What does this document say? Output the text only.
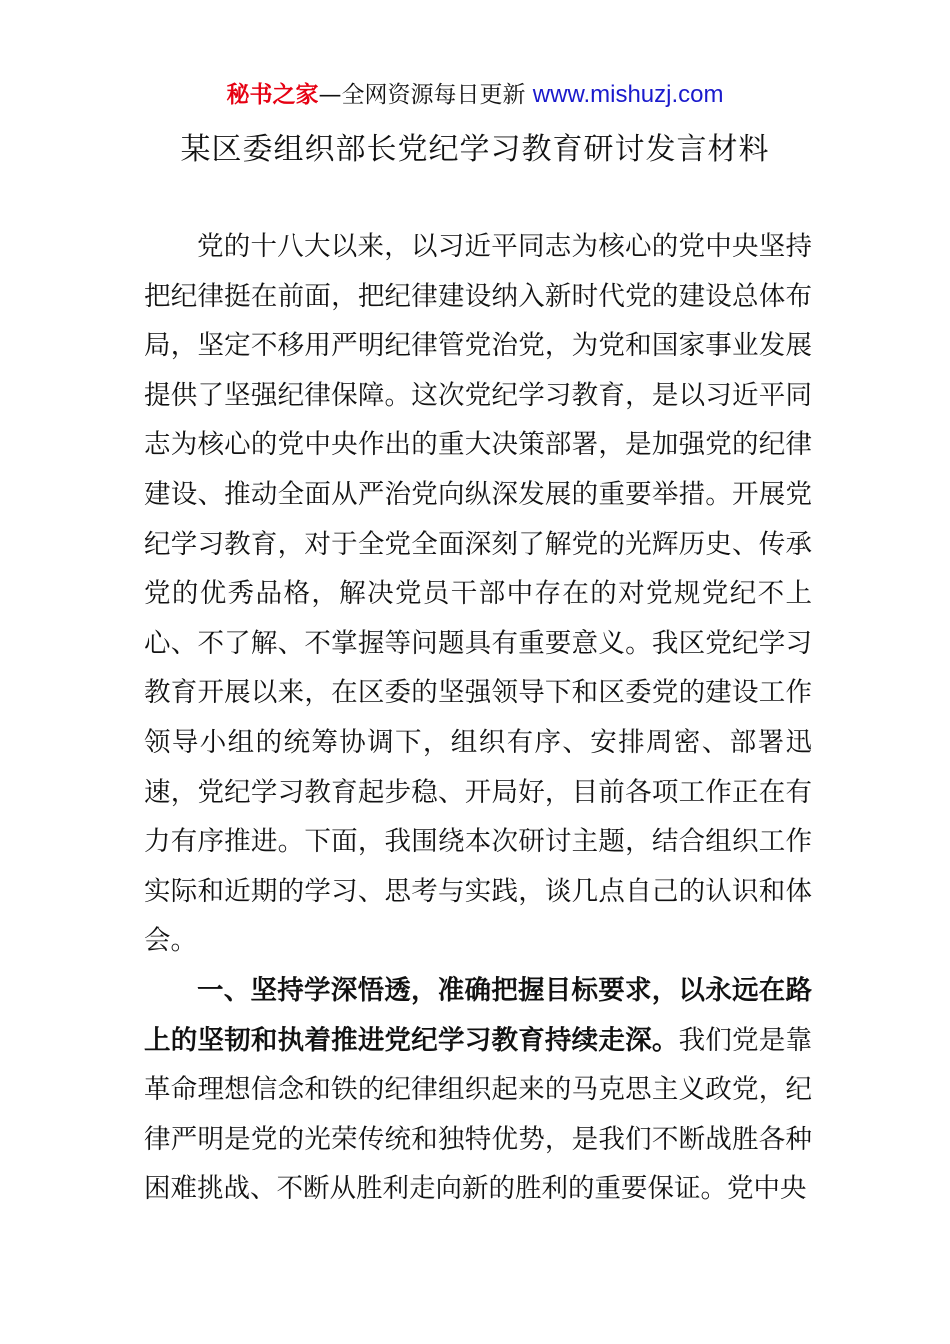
秘书之家—全网资源每日更新 www.mishuzj.com
某区委组织部长党纪学习教育研讨发言材料

党的十八大以来，以习近平同志为核心的党中央坚持把纪律挺在前面，把纪律建设纳入新时代党的建设总体布局，坚定不移用严明纪律管党治党，为党和国家事业发展提供了坚强纪律保障。这次党纪学习教育，是以习近平同志为核心的党中央作出的重大决策部署，是加强党的纪律建设、推动全面从严治党向纵深发展的重要举措。开展党纪学习教育，对于全党全面深刻了解党的光辉历史、传承党的优秀品格，解决党员干部中存在的对党规党纪不上心、不了解、不掌握等问题具有重要意义。我区党纪学习教育开展以来，在区委的坚强领导下和区委党的建设工作领导小组的统筹协调下，组织有序、安排周密、部署迅速，党纪学习教育起步稳、开局好，目前各项工作正在有力有序推进。下面，我围绕本次研讨主题，结合组织工作实际和近期的学习、思考与实践，谈几点自己的认识和体会。

一、坚持学深悟透，准确把握目标要求，以永远在路上的坚韧和执着推进党纪学习教育持续走深。我们党是靠革命理想信念和铁的纪律组织起来的马克思主义政党，纪律严明是党的光荣传统和独特优势，是我们不断战胜各种困难挑战、不断从胜利走向新的胜利的重要保证。党中央
